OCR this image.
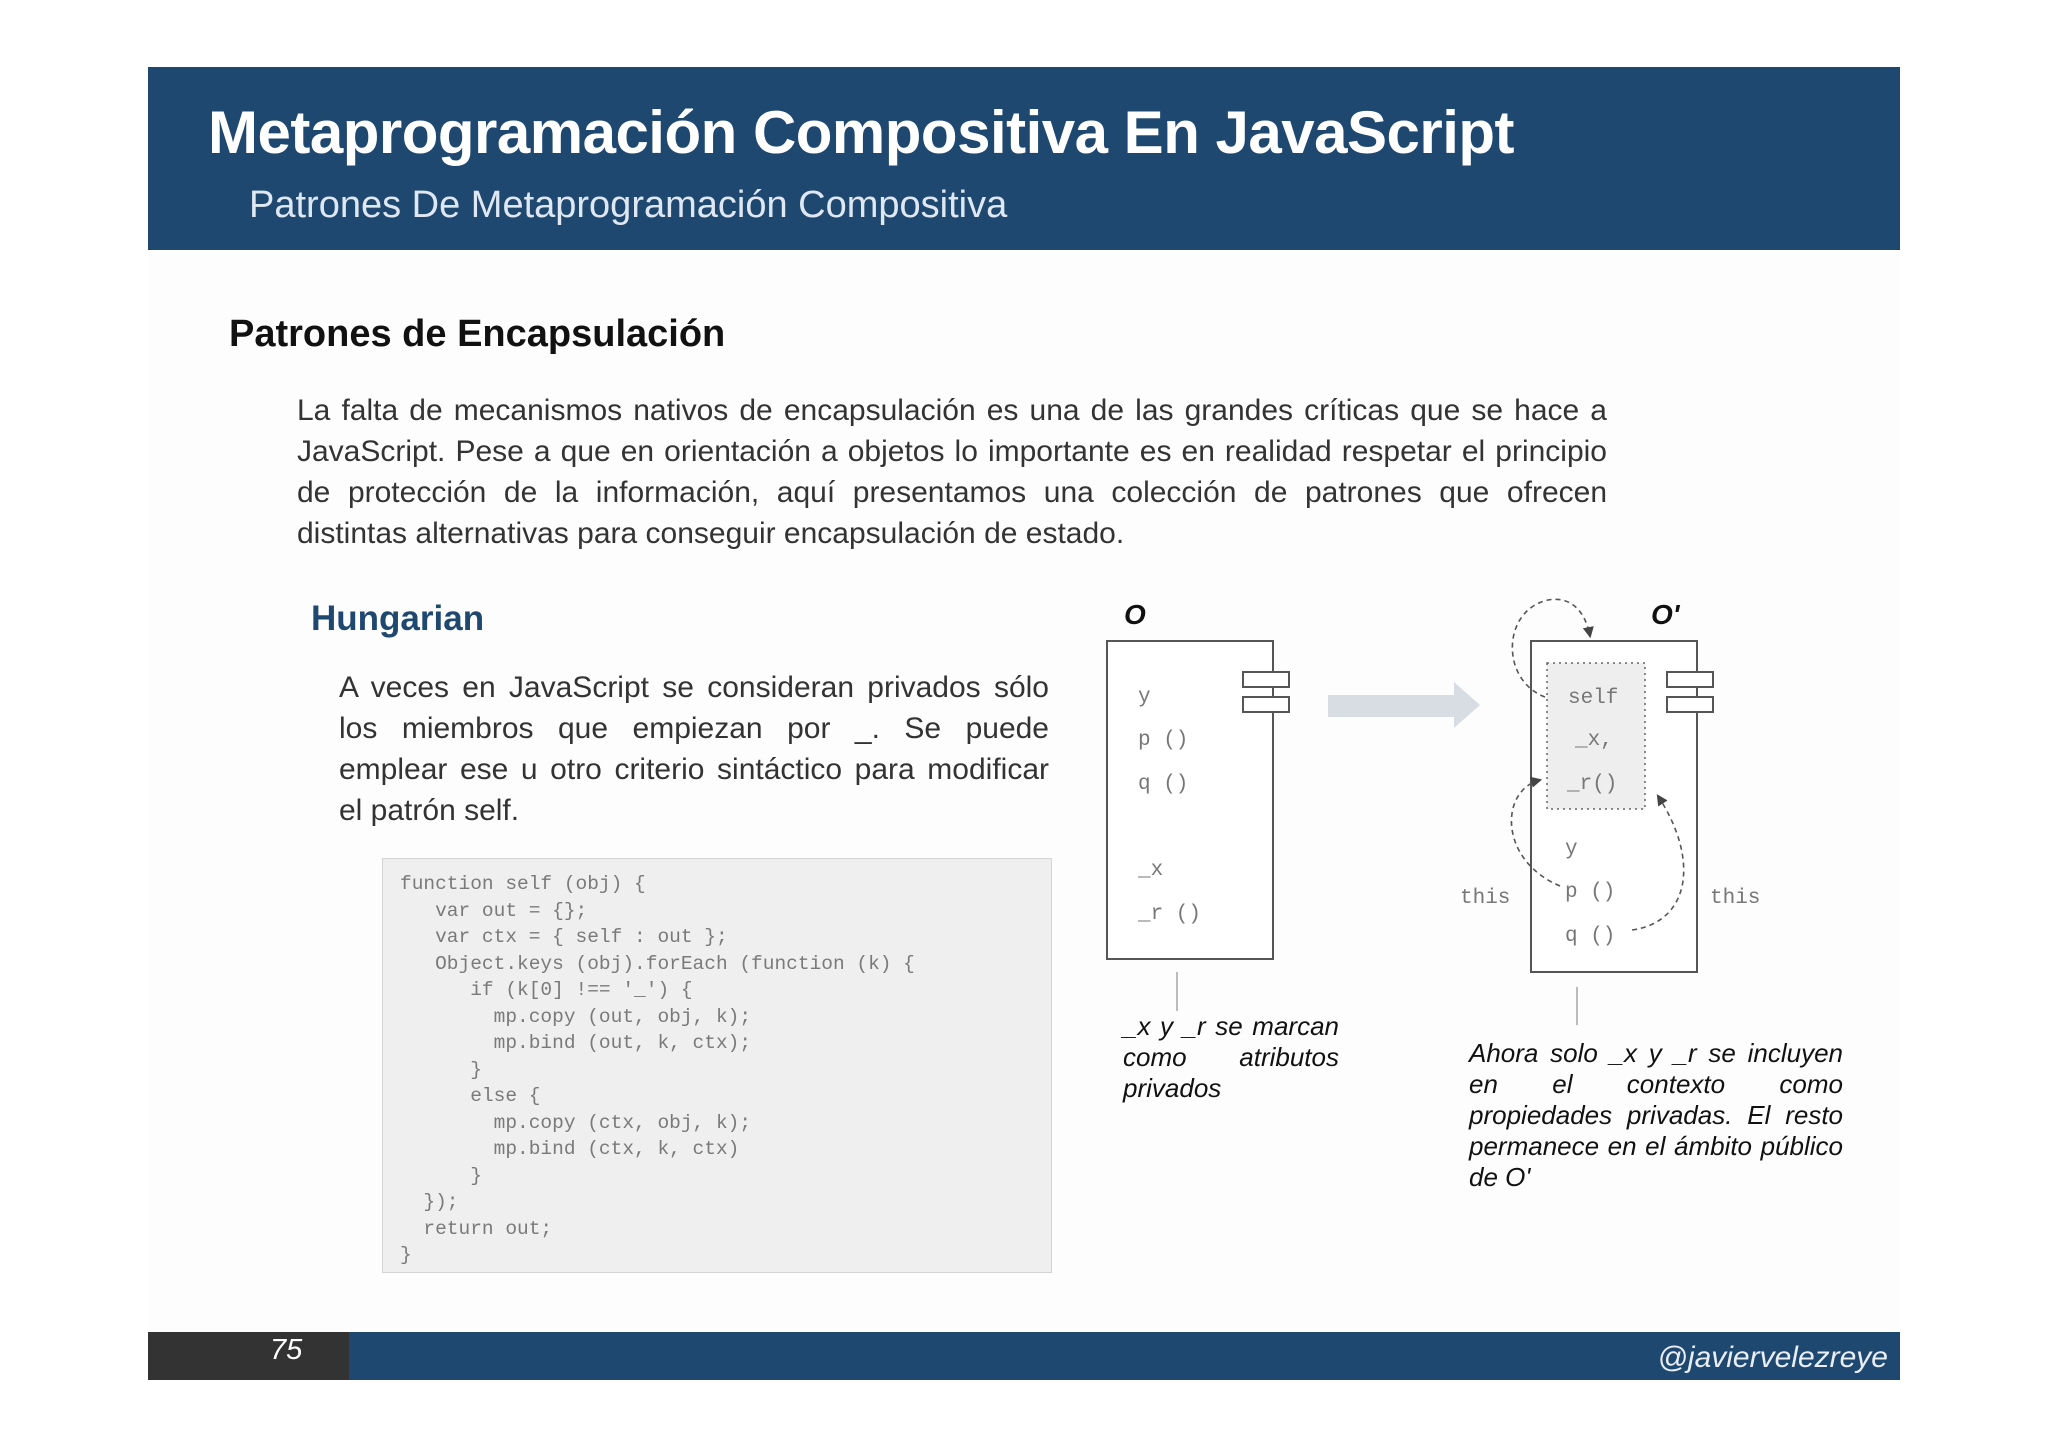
Metaprogramación Compositiva En JavaScript
Patrones De Metaprogramación Compositiva
Patrones de Encapsulación
La falta de mecanismos nativos de encapsulación es una de las grandes críticas que se hace a JavaScript. Pese a que en orientación a objetos lo importante es en realidad respetar el principio de protección de la información, aquí presentamos una colección de patrones que ofrecen distintas alternativas para conseguir encapsulación de estado.
Hungarian
A veces en JavaScript se consideran privados sólo los miembros que empiezan por _. Se puede emplear ese u otro criterio sintáctico para modificar el patrón self.
function self (obj) {
var out = {};
var ctx = { self : out };
Object.keys (obj).forEach (function (k) {
if (k[0] !== '_') {
mp.copy (out, obj, k);
mp.bind (out, k, ctx);
}
else {
mp.copy (ctx, obj, k);
mp.bind (ctx, k, ctx)
}
});
return out;
}
O
y
p ()
q ()
_x
_r ()
O'
self
_x,
_r()
y
p ()
q ()
this	this
_x y _r se marcan como atributos privados
Ahora solo _x y _r se incluyen en el contexto como propiedades privadas. El resto permanece en el ámbito público de O'
75	@javiervelezreye
